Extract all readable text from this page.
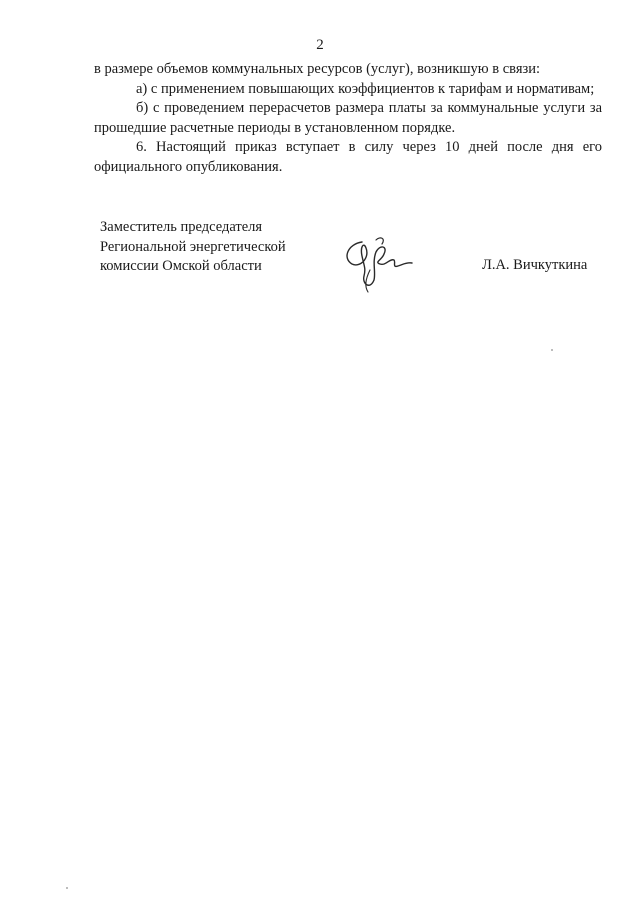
2

в размере объемов коммунальных ресурсов (услуг), возникшую в связи:

а) с применением повышающих коэффициентов к тарифам и нормативам;

б) с проведением перерасчетов размера платы за коммунальные услуги за прошедшие расчетные периоды в установленном порядке.

6. Настоящий приказ вступает в силу через 10 дней после дня его официального опубликования.

Заместитель председателя
Региональной энергетической
комиссии Омской области	Л.А. Вичкуткина
